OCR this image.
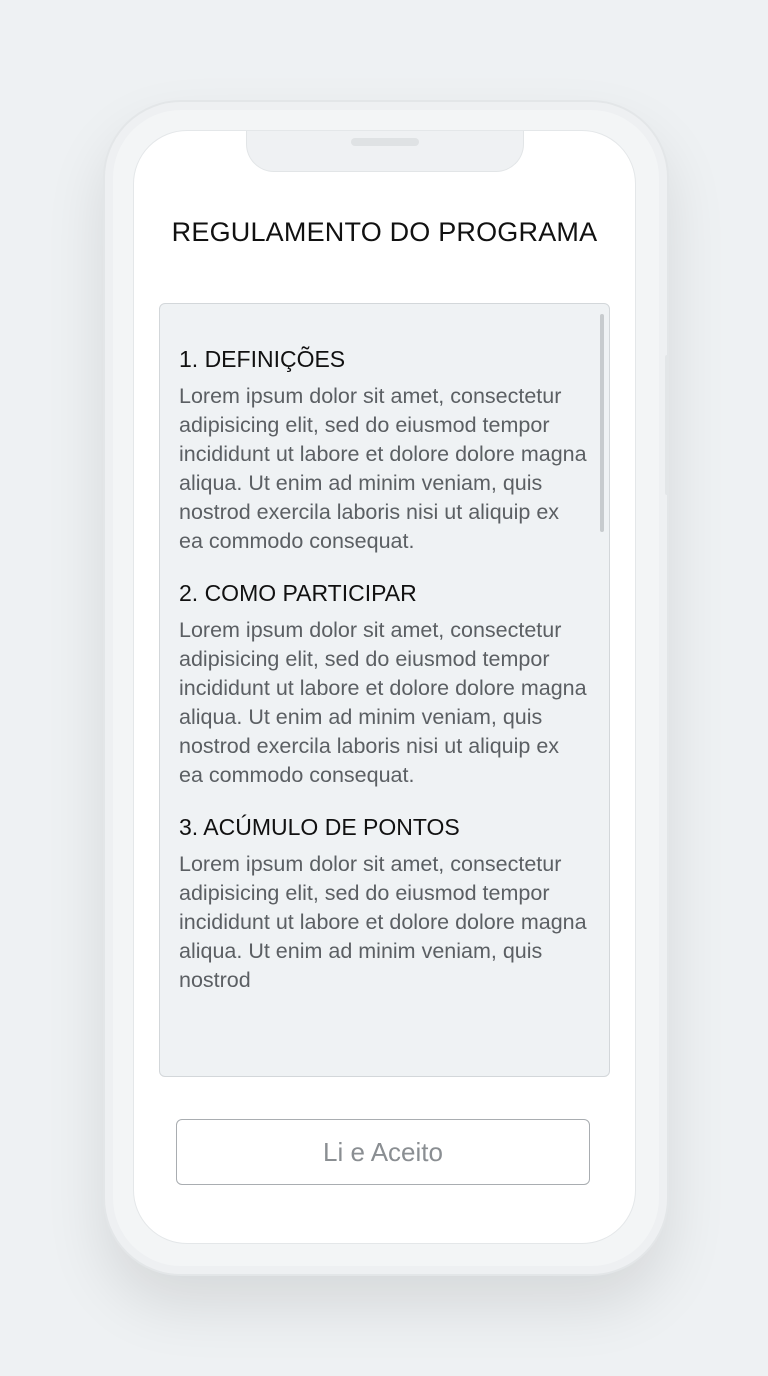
REGULAMENTO DO PROGRAMA
1. DEFINIÇÕES

Lorem ipsum dolor sit amet, consectetur adipisicing elit, sed do eiusmod tempor incididunt ut labore et dolore dolore magna aliqua. Ut enim ad minim veniam, quis nostrod exercila laboris nisi ut aliquip ex ea commodo consequat.

2. COMO PARTICIPAR

Lorem ipsum dolor sit amet, consectetur adipisicing elit, sed do eiusmod tempor incididunt ut labore et dolore dolore magna aliqua. Ut enim ad minim veniam, quis nostrod exercila laboris nisi ut aliquip ex ea commodo consequat.

3. ACÚMULO DE PONTOS

Lorem ipsum dolor sit amet, consectetur adipisicing elit, sed do eiusmod tempor incididunt ut labore et dolore dolore magna aliqua. Ut enim ad minim veniam, quis nostrod

Li e Aceito
